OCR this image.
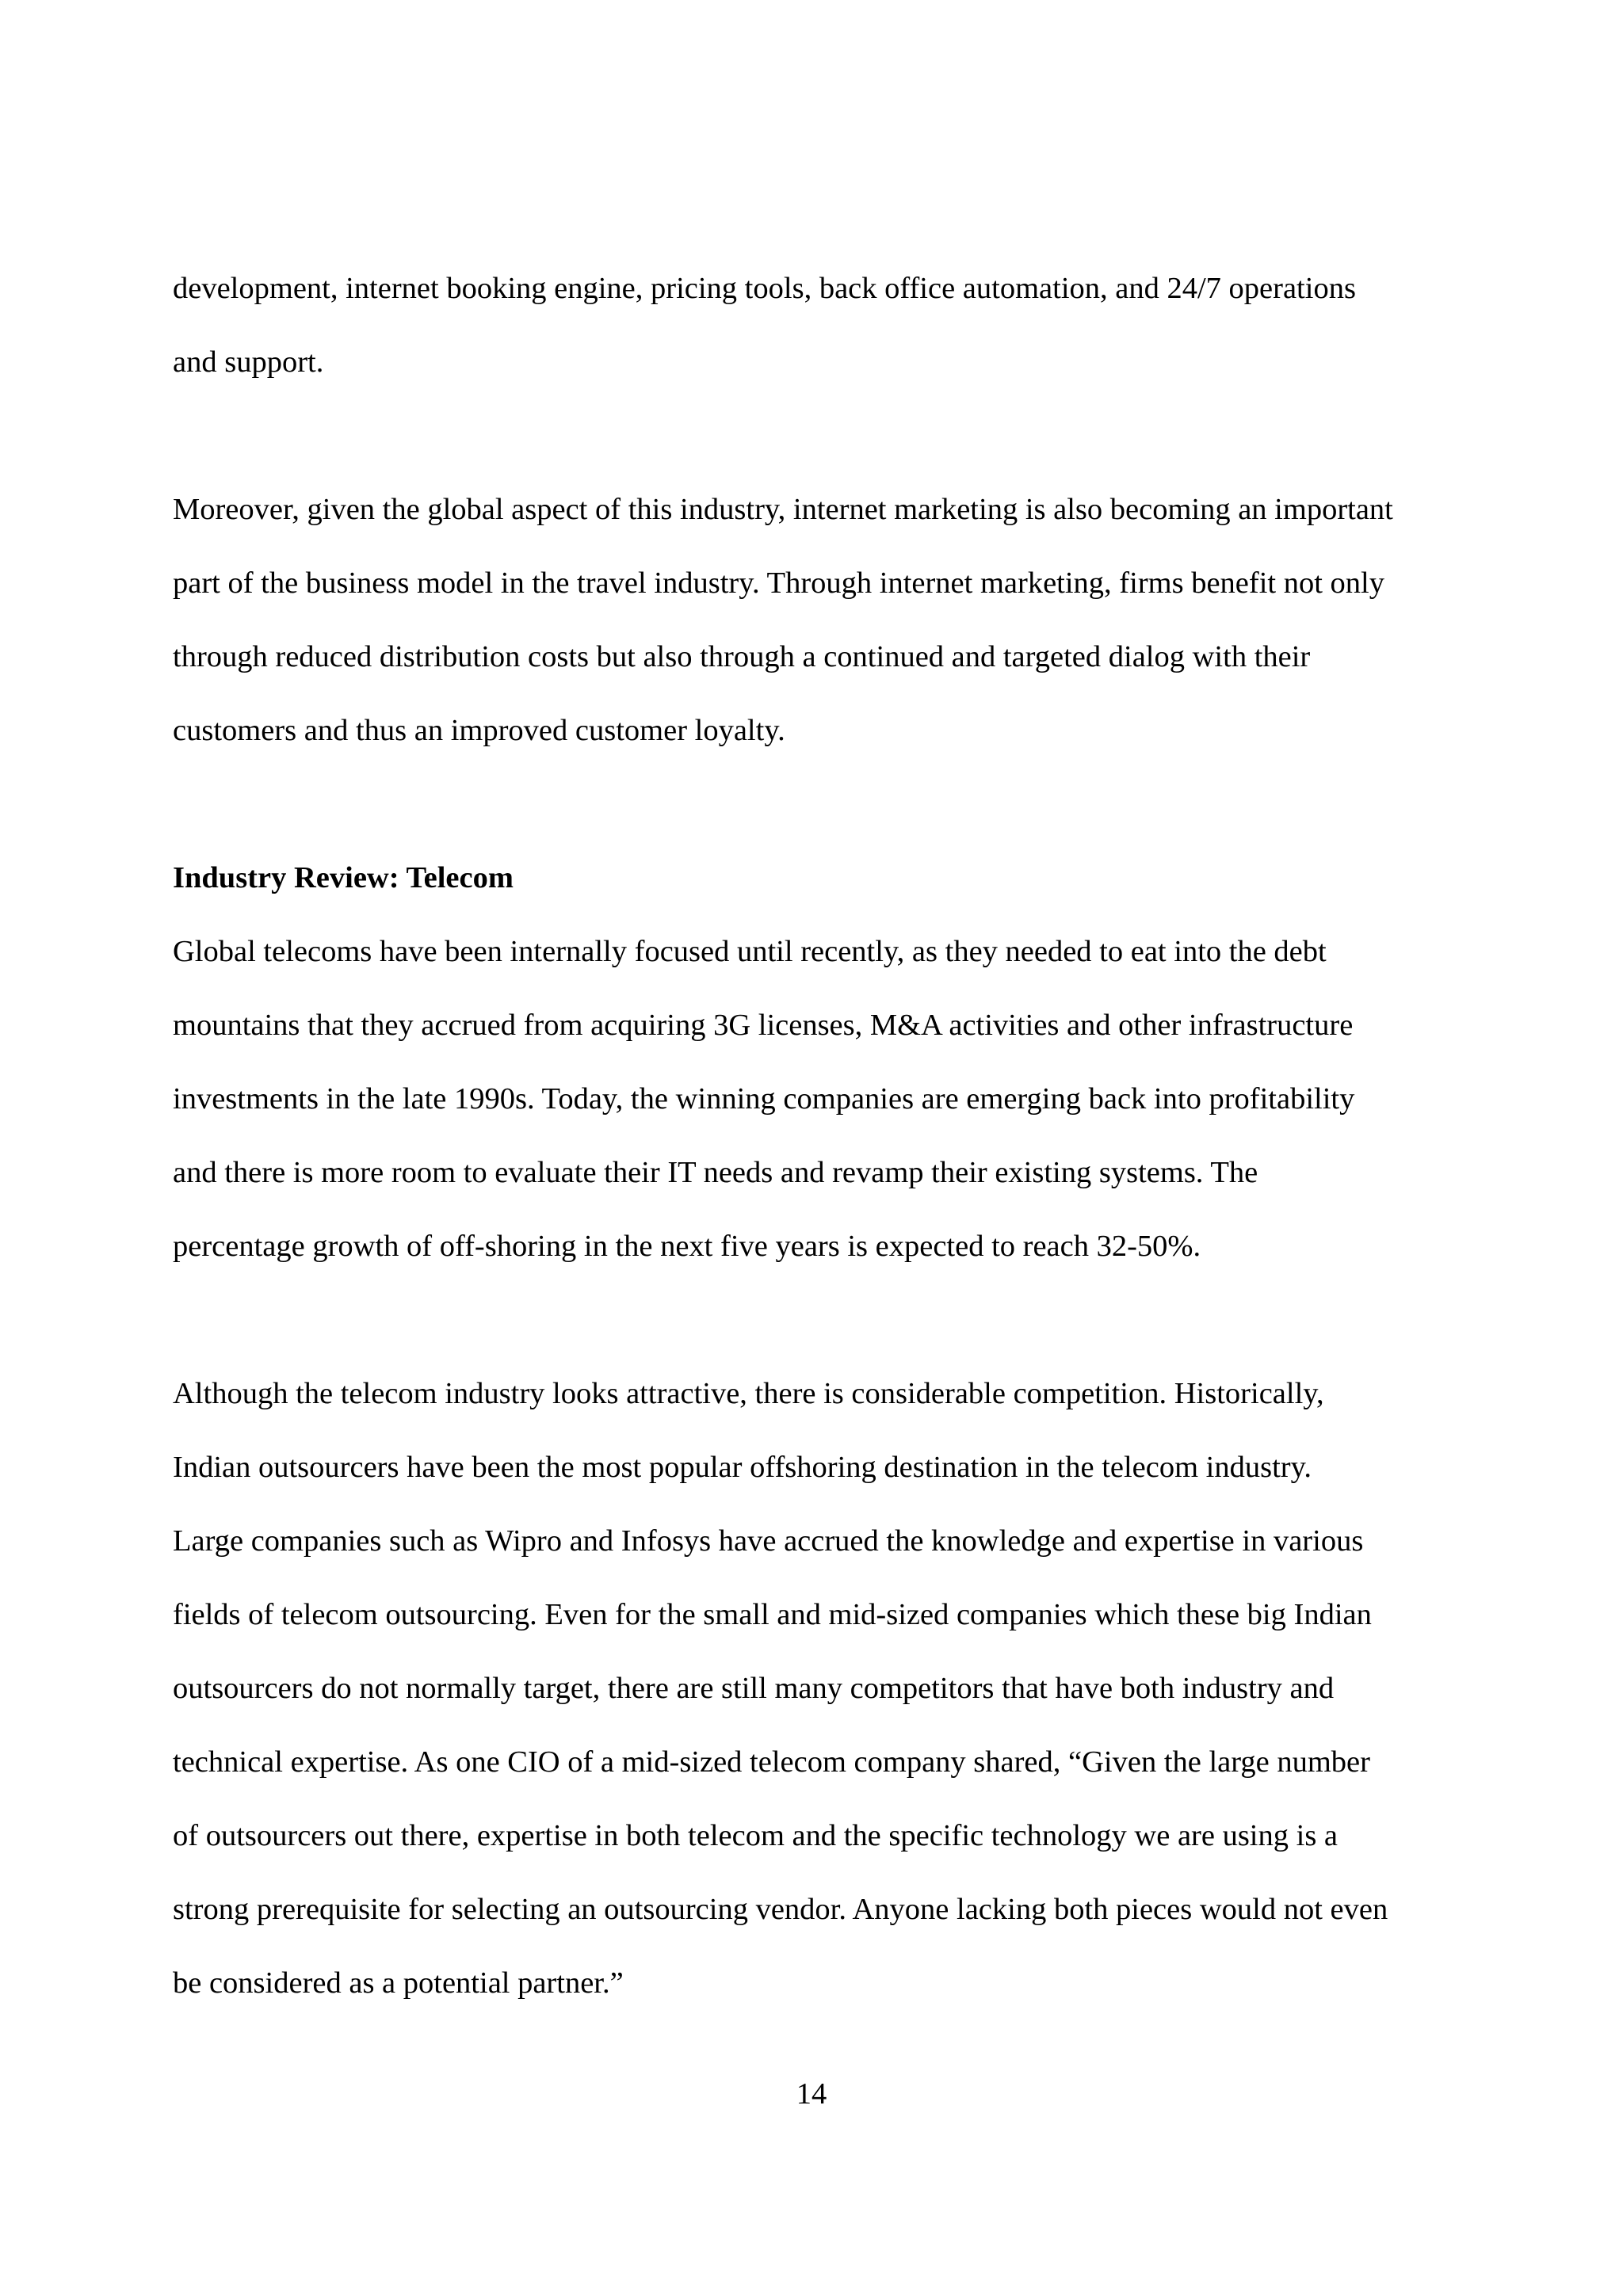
development, internet booking engine, pricing tools, back office automation, and 24/7 operations
and support.
Moreover, given the global aspect of this industry, internet marketing is also becoming an important
part of the business model in the travel industry. Through internet marketing, firms benefit not only
through reduced distribution costs but also through a continued and targeted dialog with their
customers and thus an improved customer loyalty.
Industry Review: Telecom
Global telecoms have been internally focused until recently, as they needed to eat into the debt
mountains that they accrued from acquiring 3G licenses, M&A activities and other infrastructure
investments in the late 1990s. Today, the winning companies are emerging back into profitability
and there is more room to evaluate their IT needs and revamp their existing systems. The
percentage growth of off-shoring in the next five years is expected to reach 32-50%.
Although the telecom industry looks attractive, there is considerable competition. Historically,
Indian outsourcers have been the most popular offshoring destination in the telecom industry.
Large companies such as Wipro and Infosys have accrued the knowledge and expertise in various
fields of telecom outsourcing. Even for the small and mid-sized companies which these big Indian
outsourcers do not normally target, there are still many competitors that have both industry and
technical expertise. As one CIO of a mid-sized telecom company shared, “Given the large number
of outsourcers out there, expertise in both telecom and the specific technology we are using is a
strong prerequisite for selecting an outsourcing vendor. Anyone lacking both pieces would not even
be considered as a potential partner.”
14
